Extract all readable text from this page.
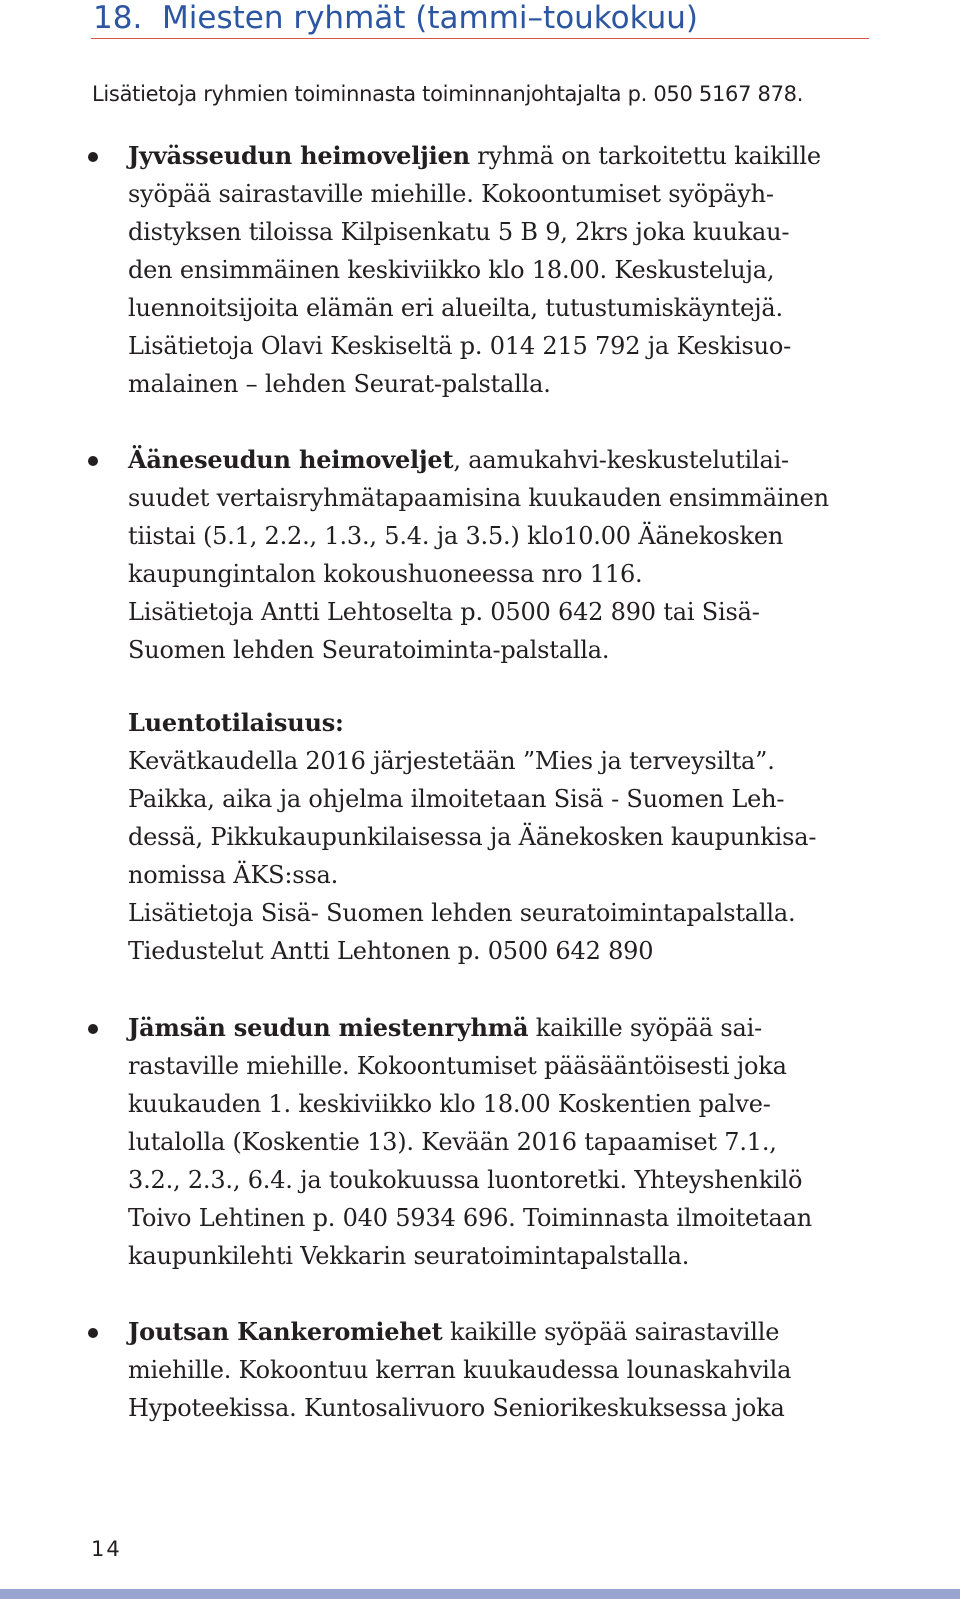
18. Miesten ryhmät (tammi–toukokuu)
Lisätietoja ryhmien toiminnasta toiminnanjohtajalta p. 050 5167 878.
Jyvässeudun heimoveljien ryhmä on tarkoitettu kaikille
syöpää sairastaville miehille. Kokoontumiset syöpäyh-
distyksen tiloissa Kilpisenkatu 5 B 9, 2krs joka kuukau-
den ensimmäinen keskiviikko klo 18.00. Keskusteluja,
luennoitsijoita elämän eri alueilta, tutustumiskäyntejä.
Lisätietoja Olavi Keskiseltä p. 014 215 792 ja Keskisuo-
malainen – lehden Seurat-palstalla.
Ääneseudun heimoveljet, aamukahvi-keskustelutilai-
suudet vertaisryhmätapaamisina kuukauden ensimmäinen
tiistai (5.1, 2.2., 1.3., 5.4. ja 3.5.) klo10.00 Äänekosken
kaupungintalon kokoushuoneessa nro 116.
Lisätietoja Antti Lehtoselta p. 0500 642 890 tai Sisä-
Suomen lehden Seuratoiminta-palstalla.
Luentotilaisuus:
Kevätkaudella 2016 järjestetään ”Mies ja terveysilta”.
Paikka, aika ja ohjelma ilmoitetaan Sisä - Suomen Leh-
dessä, Pikkukaupunkilaisessa ja Äänekosken kaupunkisa-
nomissa ÄKS:ssa.
Lisätietoja Sisä- Suomen lehden seuratoimintapalstalla.
Tiedustelut Antti Lehtonen p. 0500 642 890
Jämsän seudun miestenryhmä kaikille syöpää sai-
rastaville miehille. Kokoontumiset pääsääntöisesti joka
kuukauden 1. keskiviikko klo 18.00 Koskentien palve-
lutalolla (Koskentie 13). Kevään 2016 tapaamiset 7.1.,
3.2., 2.3., 6.4. ja toukokuussa luontoretki. Yhteyshenkilö
Toivo Lehtinen p. 040 5934 696. Toiminnasta ilmoitetaan
kaupunkilehti Vekkarin seuratoimintapalstalla.
Joutsan Kankeromiehet kaikille syöpää sairastaville
miehille. Kokoontuu kerran kuukaudessa lounaskahvila
Hypoteekissa. Kuntosalivuoro Seniorikeskuksessa joka
14
